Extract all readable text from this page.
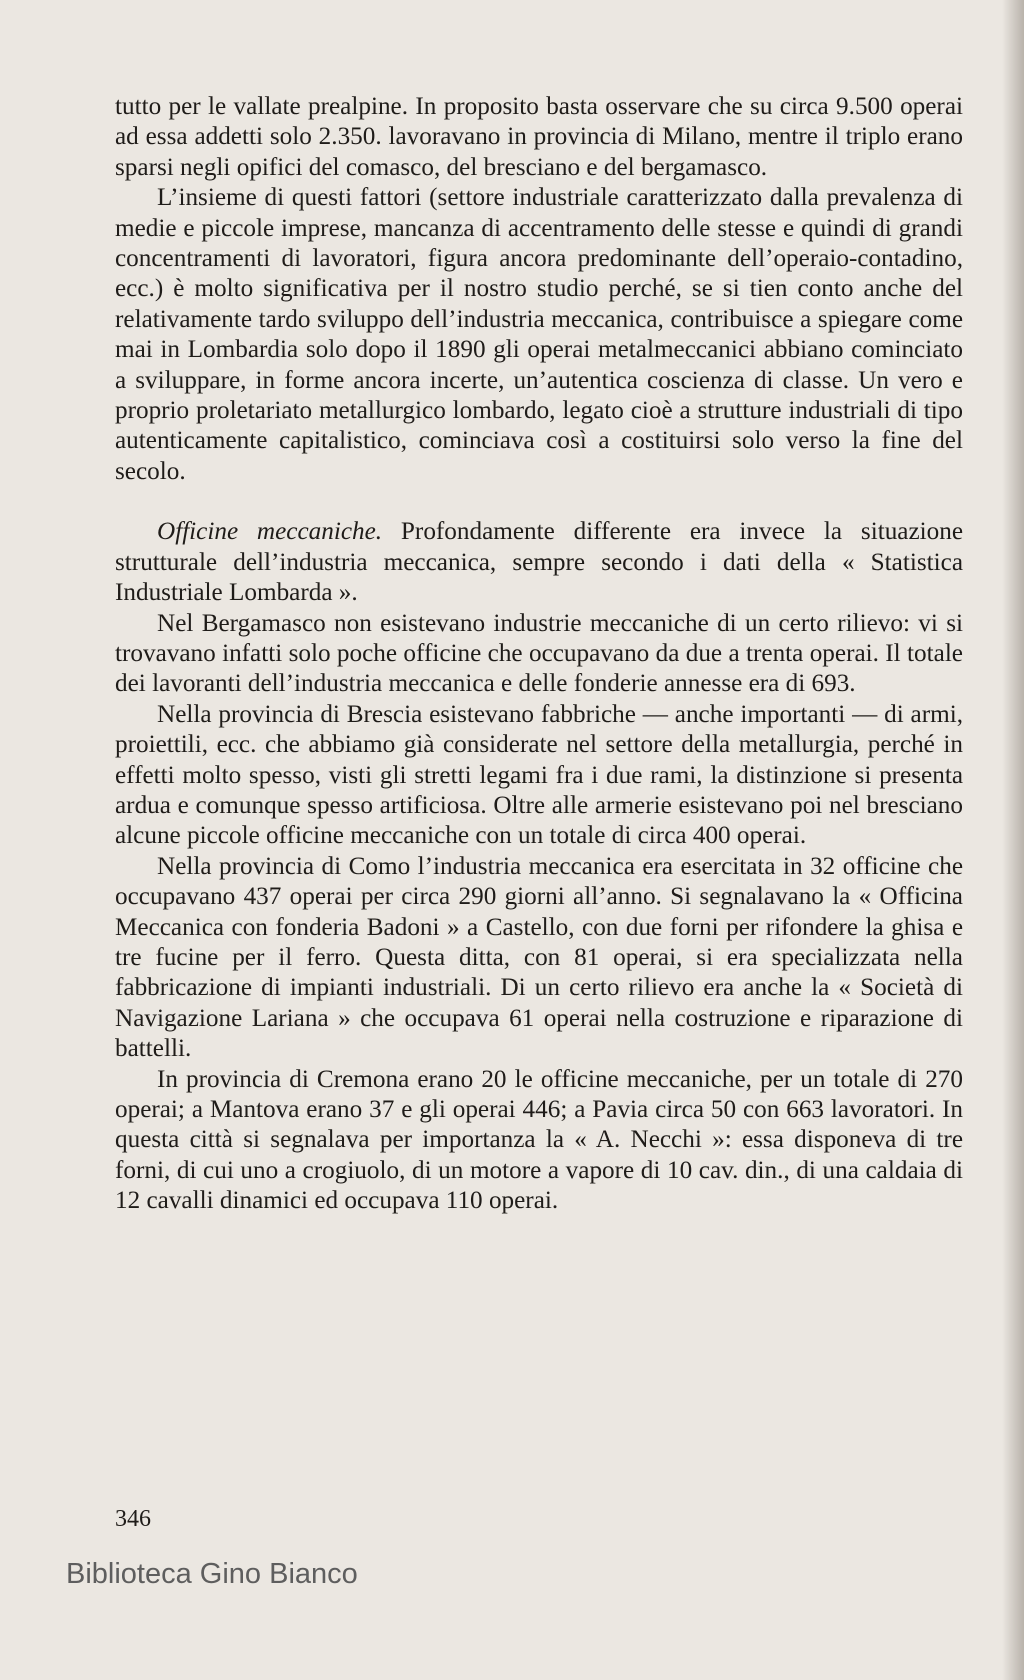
tutto per le vallate prealpine. In proposito basta osservare che su circa 9.500 operai ad essa addetti solo 2.350. lavoravano in provincia di Milano, mentre il triplo erano sparsi negli opifici del comasco, del bresciano e del bergamasco.

L’insieme di questi fattori (settore industriale caratterizzato dalla prevalenza di medie e piccole imprese, mancanza di accentramento delle stesse e quindi di grandi concentramenti di lavoratori, figura ancora predominante dell’operaio-contadino, ecc.) è molto significativa per il nostro studio perché, se si tien conto anche del relativamente tardo sviluppo dell’industria meccanica, contribuisce a spiegare come mai in Lombardia solo dopo il 1890 gli operai metalmeccanici abbiano cominciato a sviluppare, in forme ancora incerte, un’autentica coscienza di classe. Un vero e proprio proletariato metallurgico lombardo, legato cioè a strutture industriali di tipo autenticamente capitalistico, cominciava così a costituirsi solo verso la fine del secolo.

Officine meccaniche. Profondamente differente era invece la situazione strutturale dell’industria meccanica, sempre secondo i dati della « Statistica Industriale Lombarda ».

Nel Bergamasco non esistevano industrie meccaniche di un certo rilievo: vi si trovavano infatti solo poche officine che occupavano da due a trenta operai. Il totale dei lavoranti dell’industria meccanica e delle fonderie annesse era di 693.

Nella provincia di Brescia esistevano fabbriche — anche importanti — di armi, proiettili, ecc. che abbiamo già considerate nel settore della metallurgia, perché in effetti molto spesso, visti gli stretti legami fra i due rami, la distinzione si presenta ardua e comunque spesso artificiosa. Oltre alle armerie esistevano poi nel bresciano alcune piccole officine meccaniche con un totale di circa 400 operai.

Nella provincia di Como l’industria meccanica era esercitata in 32 officine che occupavano 437 operai per circa 290 giorni all’anno. Si segnalavano la « Officina Meccanica con fonderia Badoni » a Castello, con due forni per rifondere la ghisa e tre fucine per il ferro. Questa ditta, con 81 operai, si era specializzata nella fabbricazione di impianti industriali. Di un certo rilievo era anche la « Società di Navigazione Lariana » che occupava 61 operai nella costruzione e riparazione di battelli.

In provincia di Cremona erano 20 le officine meccaniche, per un totale di 270 operai; a Mantova erano 37 e gli operai 446; a Pavia circa 50 con 663 lavoratori. In questa città si segnalava per importanza la « A. Necchi »: essa disponeva di tre forni, di cui uno a crogiuolo, di un motore a vapore di 10 cav. din., di una caldaia di 12 cavalli dinamici ed occupava 110 operai.

346
Biblioteca Gino Bianco
